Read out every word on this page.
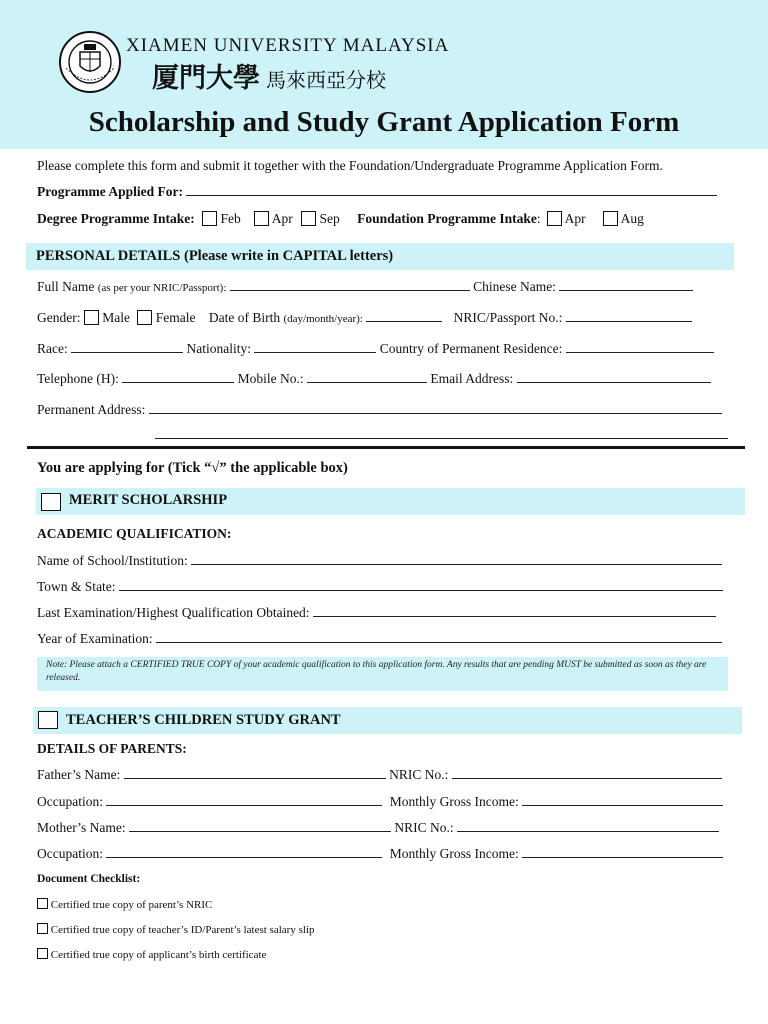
XIAMEN UNIVERSITY MALAYSIA
厦門大學 馬來西亞分校
Scholarship and Study Grant Application Form
Please complete this form and submit it together with the Foundation/Undergraduate Programme Application Form.
Programme Applied For:
Degree Programme Intake: Feb Apr Sep Foundation Programme Intake: Apr	Aug
PERSONAL DETAILS (Please write in CAPITAL letters)
Full Name (as per your NRIC/Passport):	Chinese Name:
Gender: Male Female Date of Birth (day/month/year):	NRIC/Passport No.:
Race:	Nationality:	Country of Permanent Residence:
Telephone (H):	Mobile No.:	Email Address:
Permanent Address:
You are applying for (Tick “√” the applicable box)
MERIT SCHOLARSHIP
ACADEMIC QUALIFICATION:
Name of School/Institution:
Town & State:
Last Examination/Highest Qualification Obtained:
Year of Examination:
Note: Please attach a CERTIFIED TRUE COPY of your academic qualification to this application form. Any results that are pending MUST be submitted as soon as they are released.
TEACHER’S CHILDREN STUDY GRANT
DETAILS OF PARENTS:
Father’s Name:	NRIC No.:
Occupation:	Monthly Gross Income:
Mother’s Name:	NRIC No.:
Occupation:	Monthly Gross Income:
Document Checklist:
Certified true copy of parent’s NRIC
Certified true copy of teacher’s ID/Parent’s latest salary slip
Certified true copy of applicant’s birth certificate
